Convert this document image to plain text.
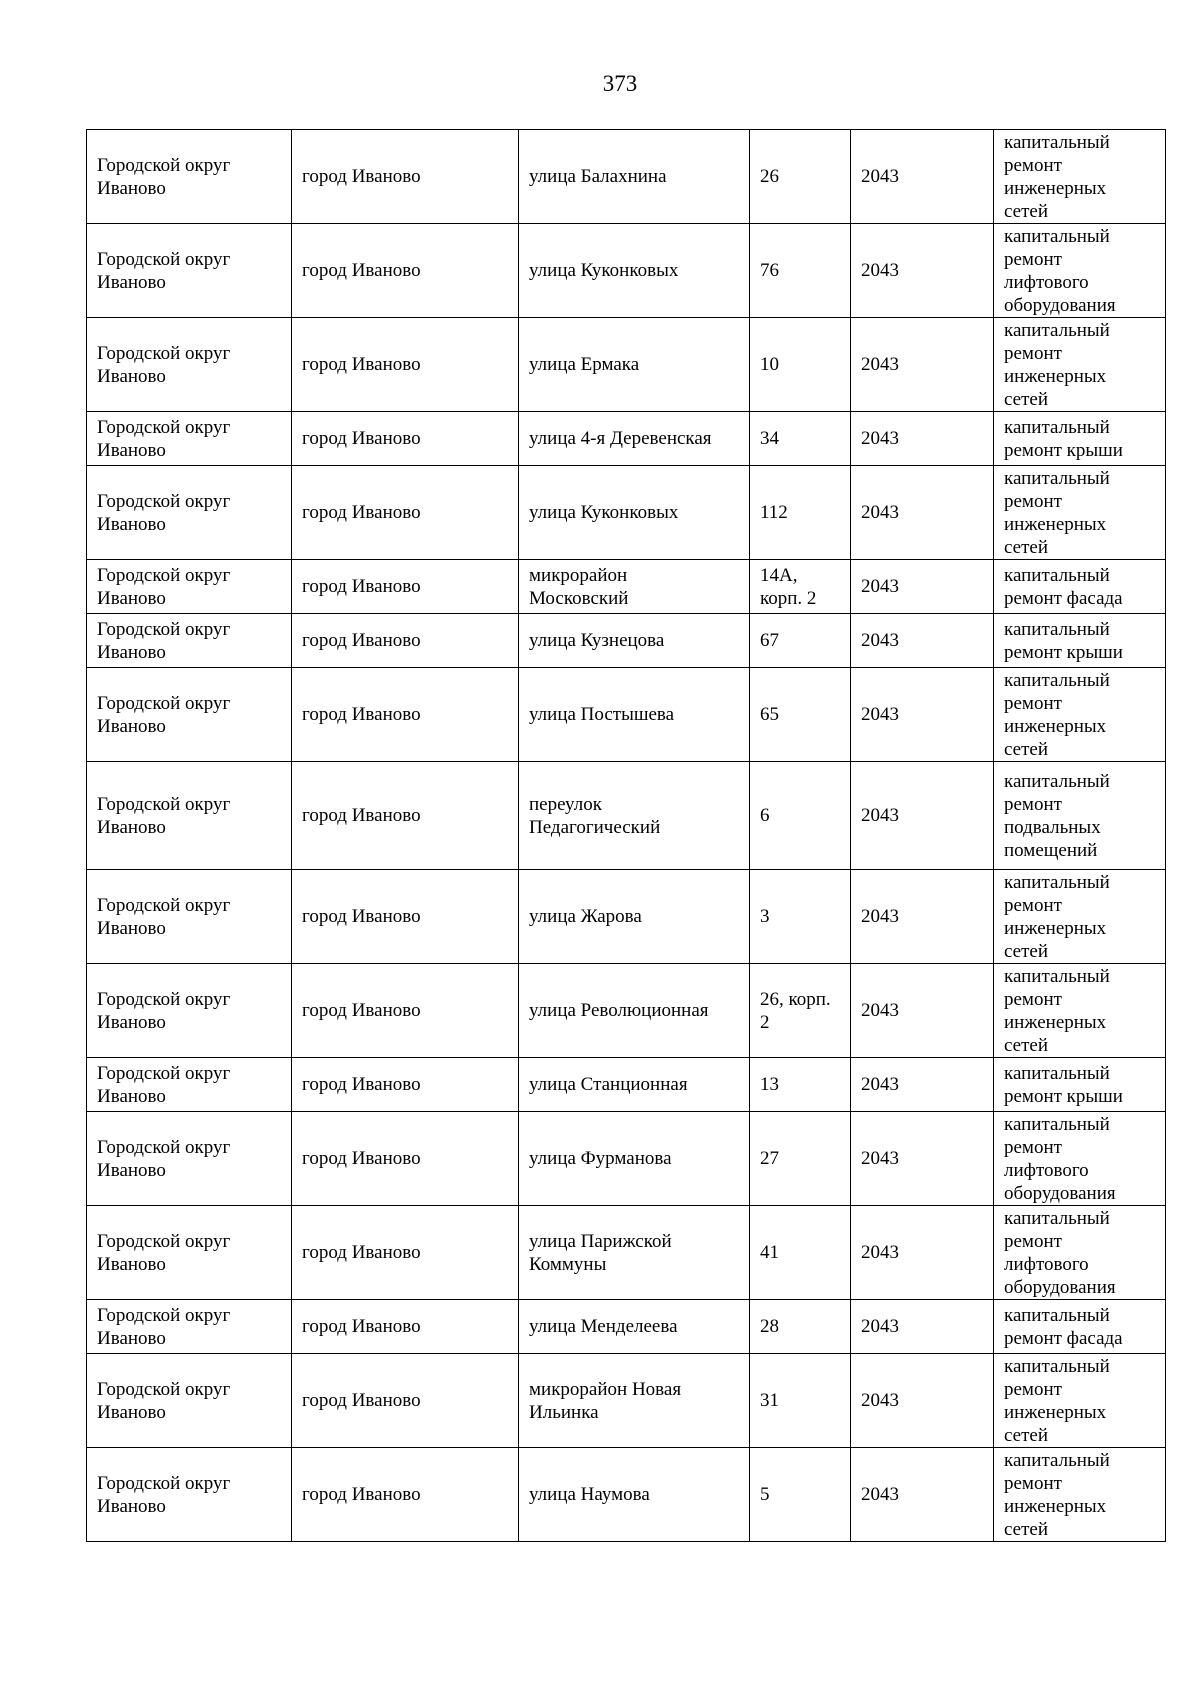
373
Городской округ
Иваново	город Иваново	улица Балахнина	26	2043	капитальный
ремонт
инженерных
сетей
Городской округ
Иваново	город Иваново	улица Куконковых	76	2043	капитальный
ремонт
лифтового
оборудования
Городской округ
Иваново	город Иваново	улица Ермака	10	2043	капитальный
ремонт
инженерных
сетей
Городской округ
Иваново	город Иваново	улица 4-я Деревенская	34	2043	капитальный
ремонт крыши
Городской округ
Иваново	город Иваново	улица Куконковых	112	2043	капитальный
ремонт
инженерных
сетей
Городской округ
Иваново	город Иваново	микрорайон
Московский	14А,
корп. 2	2043	капитальный
ремонт фасада
Городской округ
Иваново	город Иваново	улица Кузнецова	67	2043	капитальный
ремонт крыши
Городской округ
Иваново	город Иваново	улица Постышева	65	2043	капитальный
ремонт
инженерных
сетей
Городской округ
Иваново	город Иваново	переулок
Педагогический	6	2043	капитальный
ремонт
подвальных
помещений
Городской округ
Иваново	город Иваново	улица Жарова	3	2043	капитальный
ремонт
инженерных
сетей
Городской округ
Иваново	город Иваново	улица Революционная	26, корп.
2	2043	капитальный
ремонт
инженерных
сетей
Городской округ
Иваново	город Иваново	улица Станционная	13	2043	капитальный
ремонт крыши
Городской округ
Иваново	город Иваново	улица Фурманова	27	2043	капитальный
ремонт
лифтового
оборудования
Городской округ
Иваново	город Иваново	улица Парижской
Коммуны	41	2043	капитальный
ремонт
лифтового
оборудования
Городской округ
Иваново	город Иваново	улица Менделеева	28	2043	капитальный
ремонт фасада
Городской округ
Иваново	город Иваново	микрорайон Новая
Ильинка	31	2043	капитальный
ремонт
инженерных
сетей
Городской округ
Иваново	город Иваново	улица Наумова	5	2043	капитальный
ремонт
инженерных
сетей
